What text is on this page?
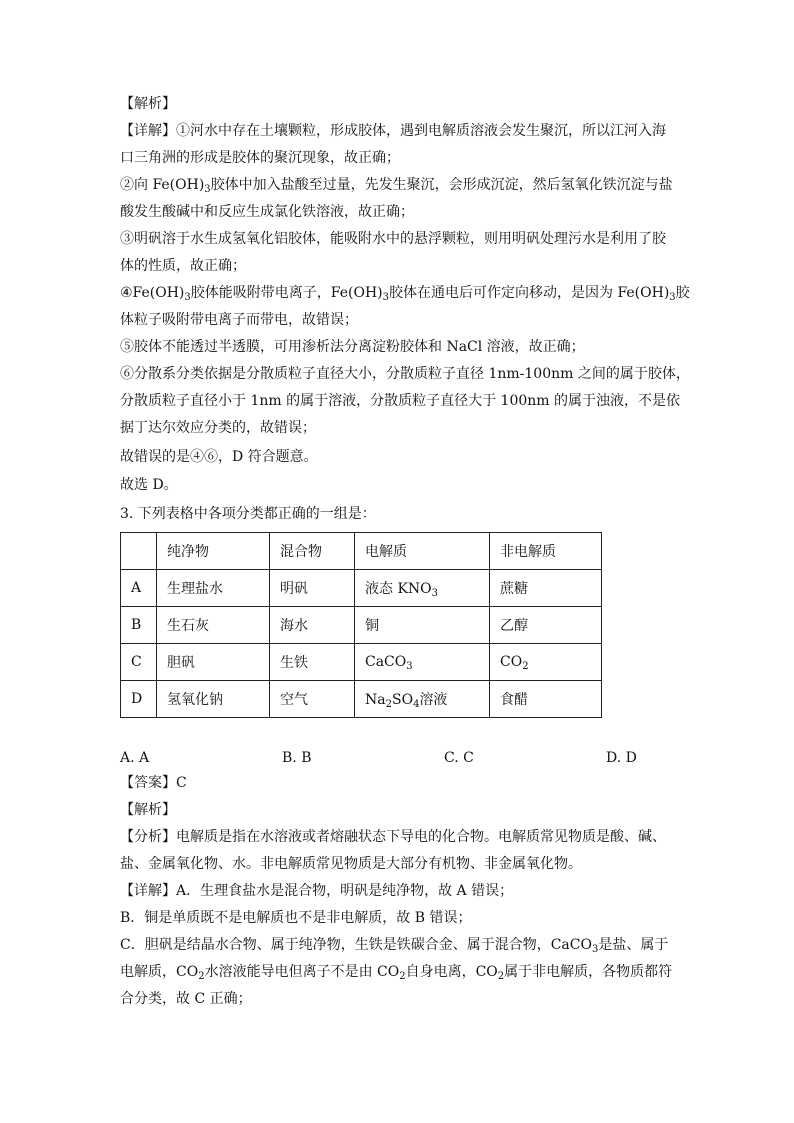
【解析】
【详解】①河水中存在土壤颗粒，形成胶体，遇到电解质溶液会发生聚沉，所以江河入海
口三角洲的形成是胶体的聚沉现象，故正确；
②向 $Fe(OH)_3$胶体中加入盐酸至过量，先发生聚沉，会形成沉淀，然后氢氧化铁沉淀与盐
酸发生酸碱中和反应生成氯化铁溶液，故正确；
③明矾溶于水生成氢氧化铝胶体，能吸附水中的悬浮颗粒，则用明矾处理污水是利用了胶
体的性质，故正确；
$④Fe(OH)_3$胶体能吸附带电离子，$Fe(OH)_3$胶体在通电后可作定向移动，是因为 $Fe(OH)_3$胶
体粒子吸附带电离子而带电，故错误；
⑤胶体不能透过半透膜，可用渗析法分离淀粉胶体和 NaCl 溶液，故正确；
⑥分散系分类依据是分散质粒子直径大小，分散质粒子直径 1nm-100nm 之间的属于胶体，
分散质粒子直径小于 1nm 的属于溶液，分散质粒子直径大于 100nm 的属于浊液，不是依
据丁达尔效应分类的，故错误；
故错误的是④⑥，D 符合题意。
故选 D。
3. 下列表格中各项分类都正确的一组是：
	纯净物	混合物	电解质	非电解质
A	生理盐水	明矾	液态 $KNO_3$	蔗糖
B	生石灰	海水	铜	乙醇
C	胆矾	生铁	CaCO$_3$	$CO_2$
D	氢氧化钠	空气	$Na_2SO_4$溶液	食醋
A. A	B. B	C. C	D. D
【答案】C
【解析】
【分析】电解质是指在水溶液或者熔融状态下导电的化合物。电解质常见物质是酸、碱、
盐、金属氧化物、水。非电解质常见物质是大部分有机物、非金属氧化物。
【详解】A．生理食盐水是混合物，明矾是纯净物，故 A 错误；
B．铜是单质既不是电解质也不是非电解质，故 B 错误；
C．胆矾是结晶水合物、属于纯净物，生铁是铁碳合金、属于混合物，CaCO$_3$是盐、属于
电解质，$CO_2$水溶液能导电但离子不是由 $CO_2$自身电离，$CO_2$属于非电解质，各物质都符
合分类，故 C 正确；
